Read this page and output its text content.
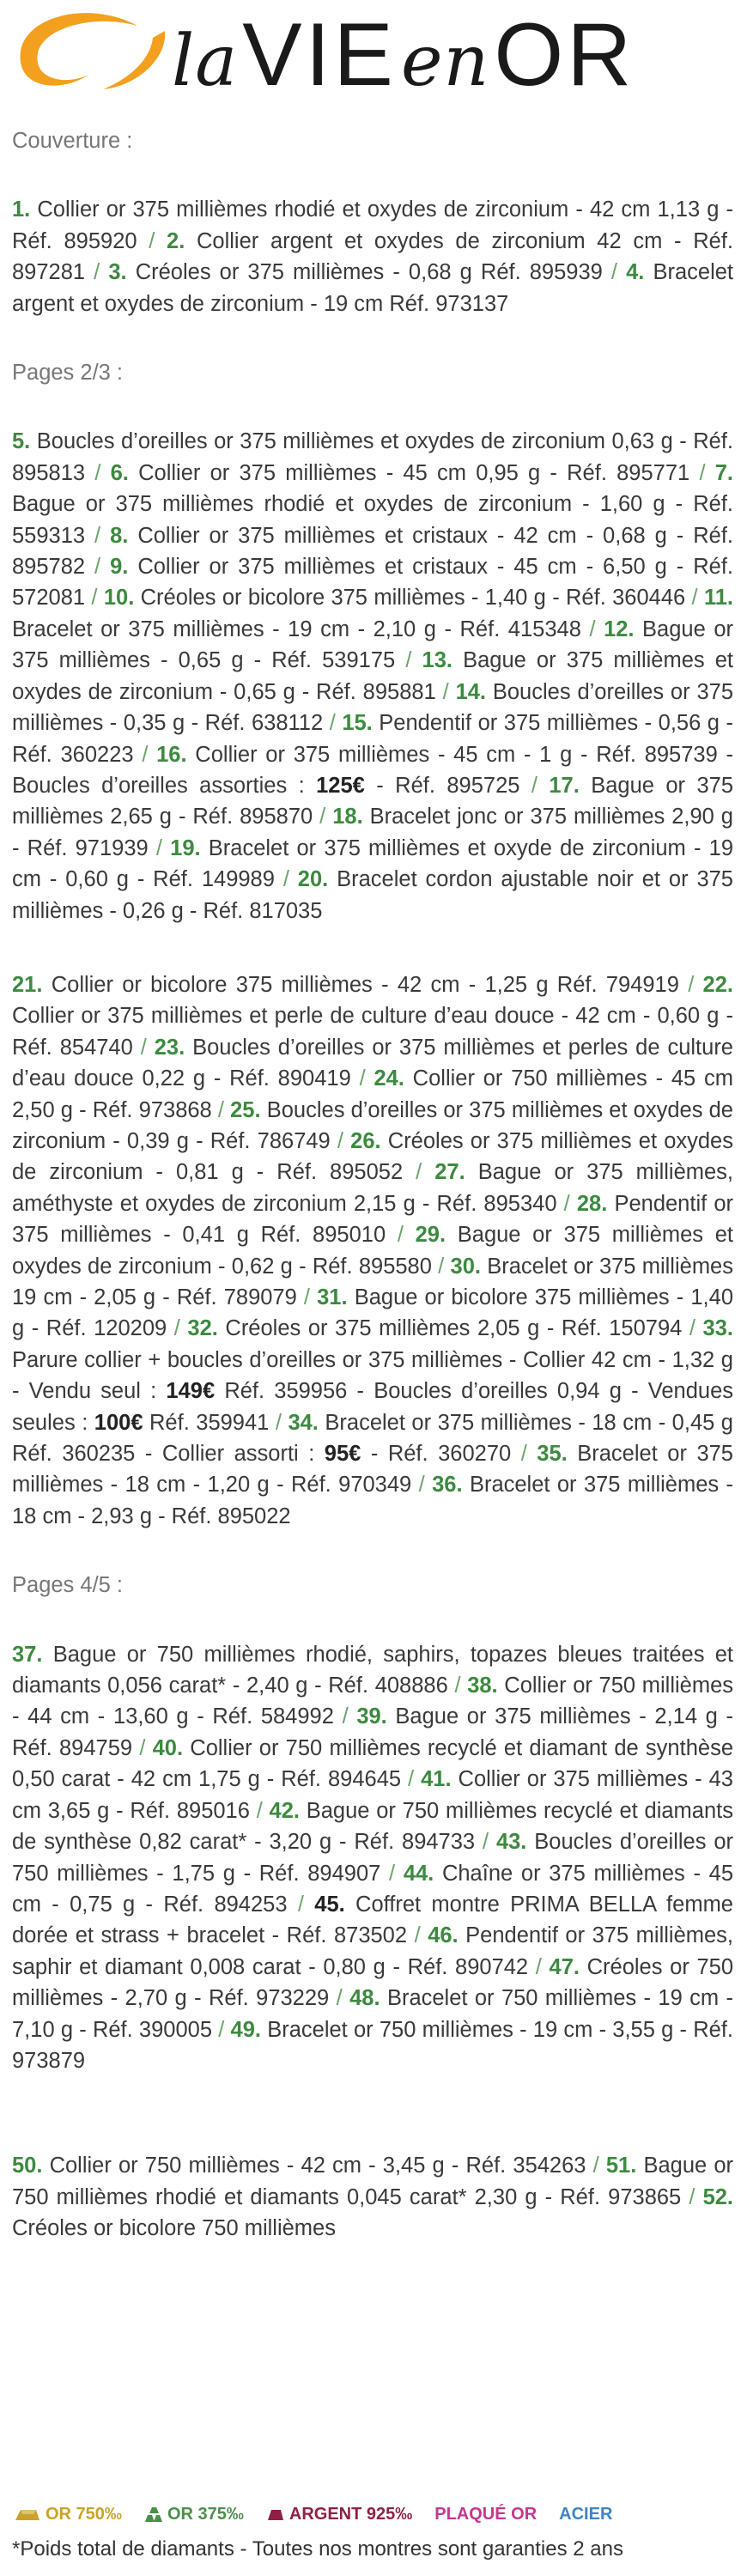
la VIE en OR
Couverture :

1. Collier or 375 millièmes rhodié et oxydes de zirconium - 42 cm 1,13 g - Réf. 895920 / 2. Collier argent et oxydes de zirconium 42 cm - Réf. 897281 / 3. Créoles or 375 millièmes - 0,68 g Réf. 895939 / 4. Bracelet argent et oxydes de zirconium - 19 cm Réf. 973137

Pages 2/3 :

5. Boucles d’oreilles or 375 millièmes et oxydes de zirconium 0,63 g - Réf. 895813 / 6. Collier or 375 millièmes - 45 cm 0,95 g - Réf. 895771 / 7. Bague or 375 millièmes rhodié et oxydes de zirconium - 1,60 g - Réf. 559313 / 8. Collier or 375 millièmes et cristaux - 42 cm - 0,68 g - Réf. 895782 / 9. Collier or 375 millièmes et cristaux - 45 cm - 6,50 g - Réf. 572081 / 10. Créoles or bicolore 375 millièmes - 1,40 g - Réf. 360446 / 11. Bracelet or 375 millièmes - 19 cm - 2,10 g - Réf. 415348 / 12. Bague or 375 millièmes - 0,65 g - Réf. 539175 / 13. Bague or 375 millièmes et oxydes de zirconium - 0,65 g - Réf. 895881 / 14. Boucles d’oreilles or 375 millièmes - 0,35 g - Réf. 638112 / 15. Pendentif or 375 millièmes - 0,56 g - Réf. 360223 / 16. Collier or 375 millièmes - 45 cm - 1 g - Réf. 895739 - Boucles d’oreilles assorties : 125€ - Réf. 895725 / 17. Bague or 375 millièmes 2,65 g - Réf. 895870 / 18. Bracelet jonc or 375 millièmes 2,90 g - Réf. 971939 / 19. Bracelet or 375 millièmes et oxyde de zirconium - 19 cm - 0,60 g - Réf. 149989 / 20. Bracelet cordon ajustable noir et or 375 millièmes - 0,26 g - Réf. 817035

21. Collier or bicolore 375 millièmes - 42 cm - 1,25 g Réf. 794919 / 22. Collier or 375 millièmes et perle de culture d’eau douce - 42 cm - 0,60 g - Réf. 854740 / 23. Boucles d’oreilles or 375 millièmes et perles de culture d’eau douce 0,22 g - Réf. 890419 / 24. Collier or 750 millièmes - 45 cm 2,50 g - Réf. 973868 / 25. Boucles d’oreilles or 375 millièmes et oxydes de zirconium - 0,39 g - Réf. 786749 / 26. Créoles or 375 millièmes et oxydes de zirconium - 0,81 g - Réf. 895052 / 27. Bague or 375 millièmes, améthyste et oxydes de zirconium 2,15 g - Réf. 895340 / 28. Pendentif or 375 millièmes - 0,41 g Réf. 895010 / 29. Bague or 375 millièmes et oxydes de zirconium - 0,62 g - Réf. 895580 / 30. Bracelet or 375 millièmes 19 cm - 2,05 g - Réf. 789079 / 31. Bague or bicolore 375 millièmes - 1,40 g - Réf. 120209 / 32. Créoles or 375 millièmes 2,05 g - Réf. 150794 / 33. Parure collier + boucles d’oreilles or 375 millièmes - Collier 42 cm - 1,32 g - Vendu seul : 149€ Réf. 359956 - Boucles d’oreilles 0,94 g - Vendues seules : 100€ Réf. 359941 / 34. Bracelet or 375 millièmes - 18 cm - 0,45 g Réf. 360235 - Collier assorti : 95€ - Réf. 360270 / 35. Bracelet or 375 millièmes - 18 cm - 1,20 g - Réf. 970349 / 36. Bracelet or 375 millièmes - 18 cm - 2,93 g - Réf. 895022

Pages 4/5 :

37. Bague or 750 millièmes rhodié, saphirs, topazes bleues traitées et diamants 0,056 carat* - 2,40 g - Réf. 408886 / 38. Collier or 750 millièmes - 44 cm - 13,60 g - Réf. 584992 / 39. Bague or 375 millièmes - 2,14 g - Réf. 894759 / 40. Collier or 750 millièmes recyclé et diamant de synthèse 0,50 carat - 42 cm 1,75 g - Réf. 894645 / 41. Collier or 375 millièmes - 43 cm 3,65 g - Réf. 895016 / 42. Bague or 750 millièmes recyclé et diamants de synthèse 0,82 carat* - 3,20 g - Réf. 894733 / 43. Boucles d’oreilles or 750 millièmes - 1,75 g - Réf. 894907 / 44. Chaîne or 375 millièmes - 45 cm - 0,75 g - Réf. 894253 / 45. Coffret montre PRIMA BELLA femme dorée et strass + bracelet - Réf. 873502 / 46. Pendentif or 375 millièmes, saphir et diamant 0,008 carat - 0,80 g - Réf. 890742 / 47. Créoles or 750 millièmes - 2,70 g - Réf. 973229 / 48. Bracelet or 750 millièmes - 19 cm - 7,10 g - Réf. 390005 / 49. Bracelet or 750 millièmes - 19 cm - 3,55 g - Réf. 973879

50. Collier or 750 millièmes - 42 cm - 3,45 g - Réf. 354263 / 51. Bague or 750 millièmes rhodié et diamants 0,045 carat* 2,30 g - Réf. 973865 / 52. Créoles or bicolore 750 millièmes

OR 750‰	OR 375‰	ARGENT 925‰ PLAQUÉ OR ACIER
*Poids total de diamants - Toutes nos montres sont garanties 2 ans
